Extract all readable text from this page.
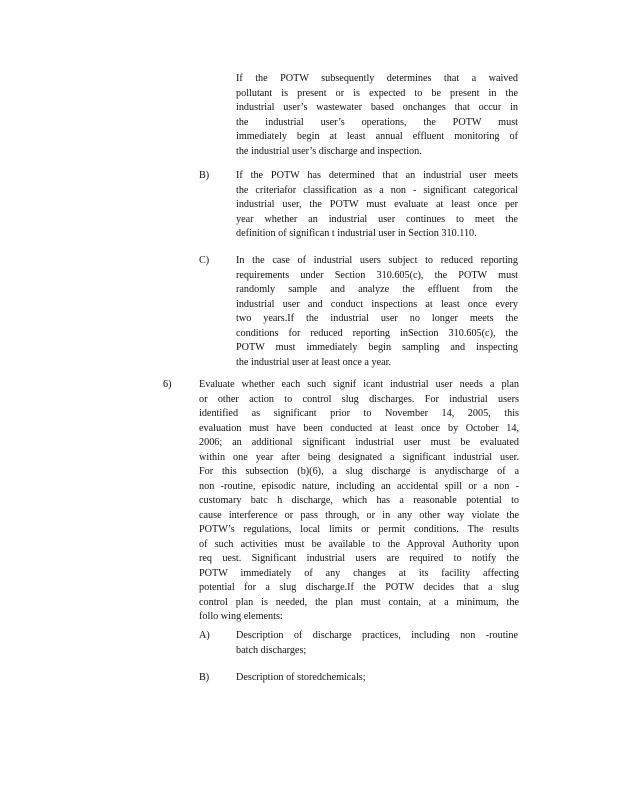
If the POTW subsequently determines that a waived
pollutant is present or is expected to be present in the
industrial user’s wastewater based onchanges that occur in
the industrial user’s operations, the POTW must
immediately begin at least annual effluent monitoring of
the industrial user’s discharge and inspection.
B)	If the POTW has determined that an industrial user meets
the criteriafor classification as a non - significant categorical
industrial user, the POTW must evaluate at least once per
year whether an industrial user continues to meet the
definition of significan t industrial user in Section 310.110.
C)	In the case of industrial users subject to reduced reporting
requirements under Section 310.605(c), the POTW must
randomly sample and analyze the effluent from the
industrial user and conduct inspections at least once every
two years.If the industrial user no longer meets the
conditions for reduced reporting inSection 310.605(c), the
POTW must immediately begin sampling and inspecting
the industrial user at least once a year.
6)	Evaluate whether each such signif icant industrial user needs a plan
or other action to control slug discharges. For industrial users
identified as significant prior to November 14, 2005, this
evaluation must have been conducted at least once by October 14,
2006; an additional significant industrial user must be evaluated
within one year after being designated a significant industrial user.
For this subsection (b)(6), a slug discharge is anydischarge of a
non -routine, episodic nature, including an accidental spill or a non -
customary batc h discharge, which has a reasonable potential to
cause interference or pass through, or in any other way violate the
POTW’s regulations, local limits or permit conditions. The results
of such activities must be available to the Approval Authority upon
req uest. Significant industrial users are required to notify the
POTW immediately of any changes at its facility affecting
potential for a slug discharge.If the POTW decides that a slug
control plan is needed, the plan must contain, at a minimum, the
follo wing elements:
A)	Description of discharge practices, including non -routine
batch discharges;
B)	Description of storedchemicals;
